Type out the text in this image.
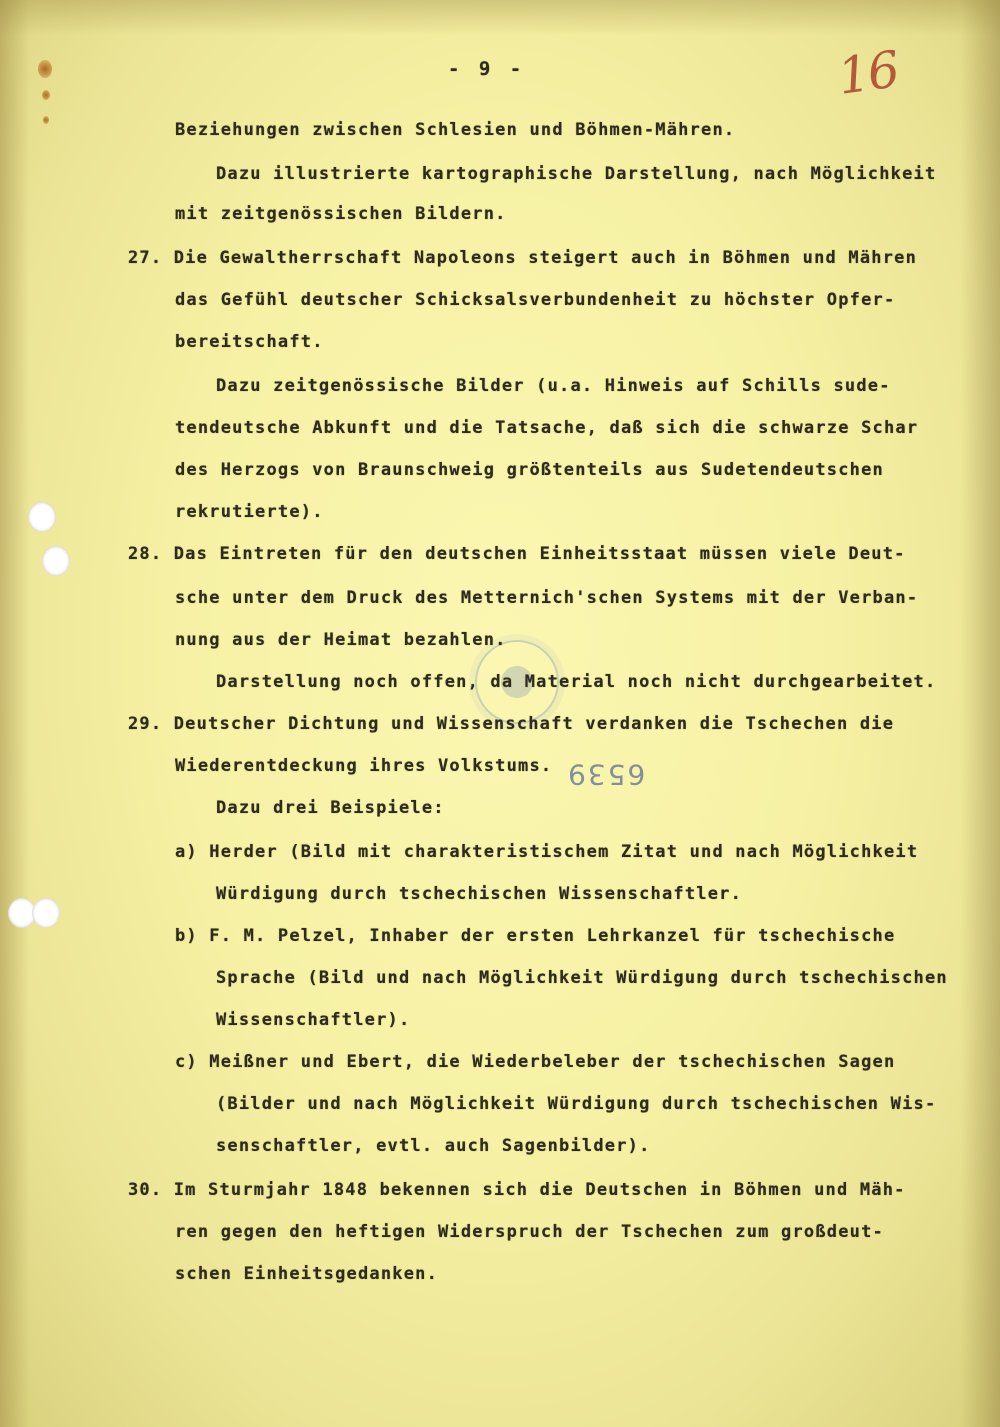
6539
- 9 -	16
Beziehungen zwischen Schlesien und Böhmen-Mähren.
Dazu illustrierte kartographische Darstellung, nach Möglichkeit
mit zeitgenössischen Bildern.
27. Die Gewaltherrschaft Napoleons steigert auch in Böhmen und Mähren
das Gefühl deutscher Schicksalsverbundenheit zu höchster Opfer-
bereitschaft.
Dazu zeitgenössische Bilder (u.a. Hinweis auf Schills sude-
tendeutsche Abkunft und die Tatsache, daß sich die schwarze Schar
des Herzogs von Braunschweig größtenteils aus Sudetendeutschen
rekrutierte).
28. Das Eintreten für den deutschen Einheitsstaat müssen viele Deut-
sche unter dem Druck des Metternich'schen Systems mit der Verban-
nung aus der Heimat bezahlen.
Darstellung noch offen, da Material noch nicht durchgearbeitet.
29. Deutscher Dichtung und Wissenschaft verdanken die Tschechen die
Wiederentdeckung ihres Volkstums.
Dazu drei Beispiele:
a) Herder (Bild mit charakteristischem Zitat und nach Möglichkeit
Würdigung durch tschechischen Wissenschaftler.
b) F. M. Pelzel, Inhaber der ersten Lehrkanzel für tschechische
Sprache (Bild und nach Möglichkeit Würdigung durch tschechischen
Wissenschaftler).
c) Meißner und Ebert, die Wiederbeleber der tschechischen Sagen
(Bilder und nach Möglichkeit Würdigung durch tschechischen Wis-
senschaftler, evtl. auch Sagenbilder).
30. Im Sturmjahr 1848 bekennen sich die Deutschen in Böhmen und Mäh-
ren gegen den heftigen Widerspruch der Tschechen zum großdeut-
schen Einheitsgedanken.
